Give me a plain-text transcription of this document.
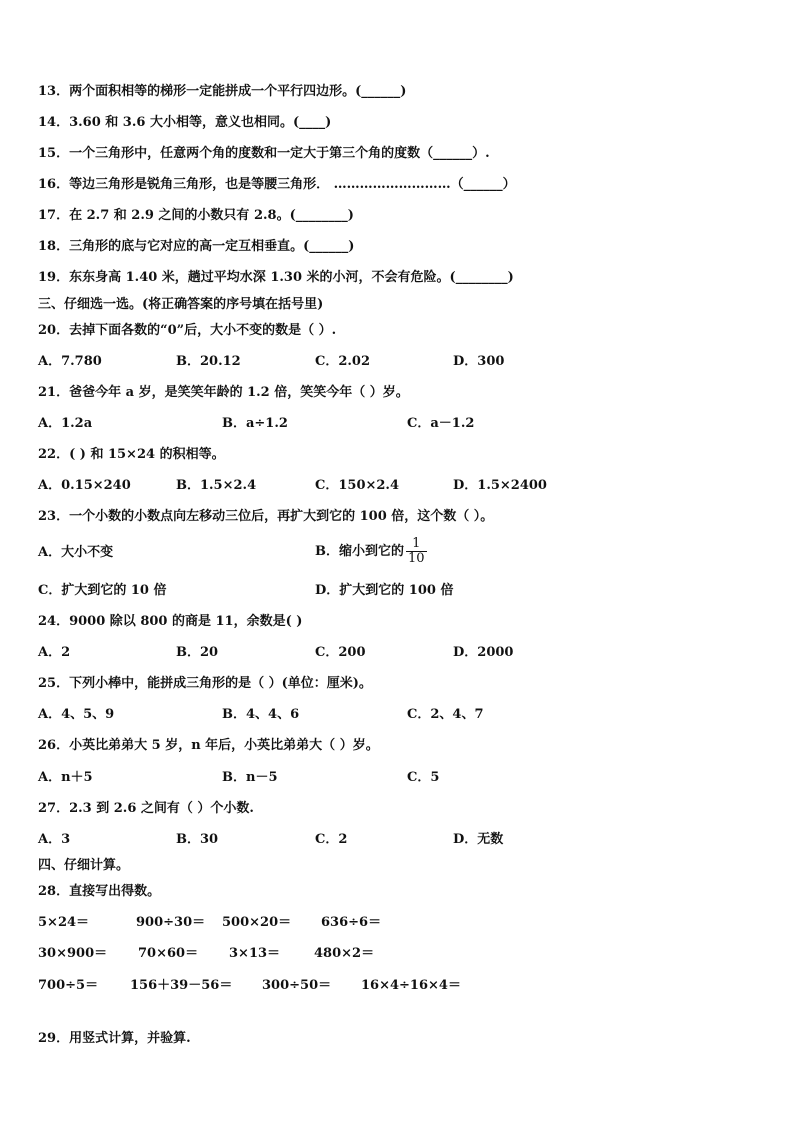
13．两个面积相等的梯形一定能拼成一个平行四边形。(______)
14．3.60 和 3.6 大小相等，意义也相同。(____)
15．一个三角形中，任意两个角的度数和一定大于第三个角的度数（______）.
16．等边三角形是锐角三角形，也是等腰三角形． ………………………（______）
17．在 2.7 和 2.9 之间的小数只有 2.8。(________)
18．三角形的底与它对应的高一定互相垂直。(______)
19．东东身高 1.40 米，趟过平均水深 1.30 米的小河，不会有危险。(________)
三、仔细选一选。(将正确答案的序号填在括号里)
20．去掉下面各数的“0”后，大小不变的数是（ ）.
A．7.780	B．20.12	C．2.02	D．300
21．爸爸今年 a 岁，是笑笑年龄的 1.2 倍，笑笑今年（ ）岁。
A．1.2a	B．a÷1.2	C．a－1.2
22．( ) 和 15×24 的积相等。
A．0.15×240	B．1.5×2.4	C．150×2.4	D．1.5×2400
23．一个小数的小数点向左移动三位后，再扩大到它的 100 倍，这个数（ ）。
A．大小不变	B．缩小到它的 $\frac{1}{10}$
C．扩大到它的 10 倍	D．扩大到它的 100 倍
24．9000 除以 800 的商是 11，余数是( )
A．2	B．20	C．200	D．2000
25．下列小棒中，能拼成三角形的是（ ）(单位：厘米)。
A．4、5、9	B．4、4、6	C．2、4、7
26．小英比弟弟大 5 岁，n 年后，小英比弟弟大（ ）岁。
A．n＋5	B．n－5	C．5
27．2.3 到 2.6 之间有（ ）个小数.
A．3	B．30	C．2	D．无数
四、仔细计算。
28．直接写出得数。
5×24＝	900÷30＝ 500×20＝ 636÷6＝
30×900＝ 70×60＝ 3×13＝	480×2＝
700÷5＝ 156＋39－56＝ 300÷50＝ 16×4÷16×4＝
29．用竖式计算，并验算.
